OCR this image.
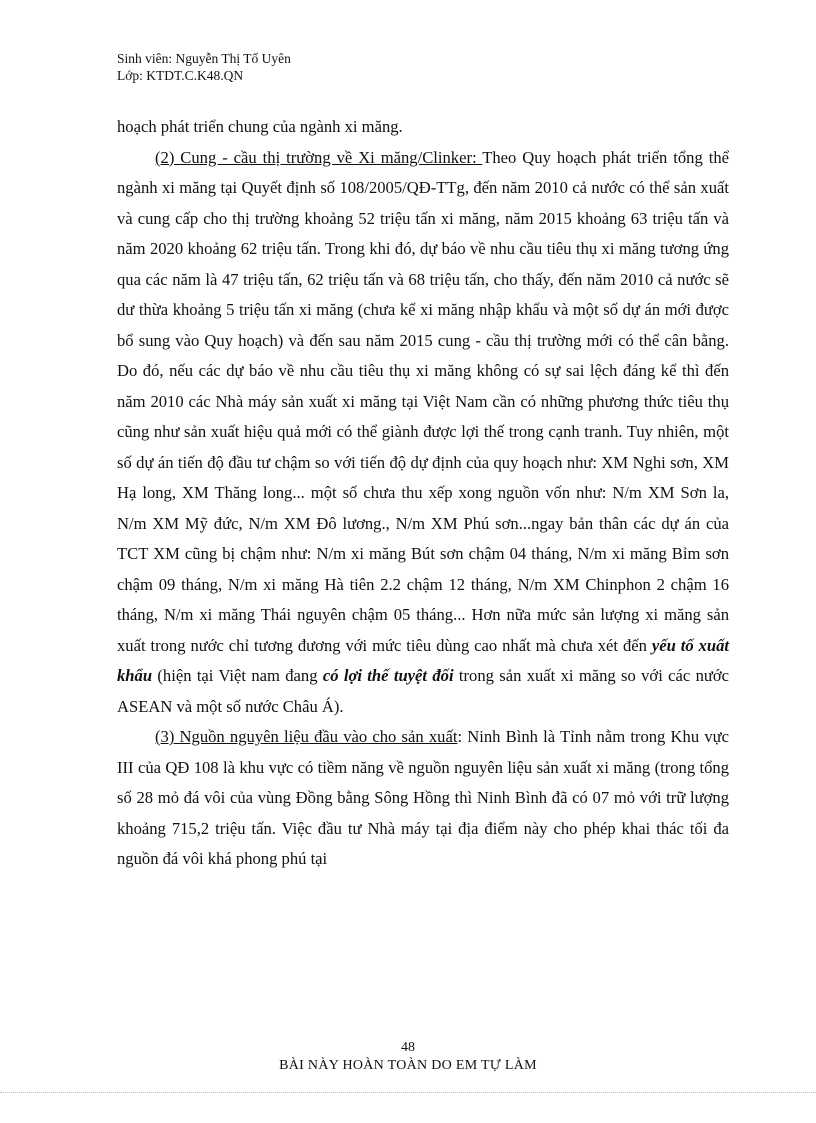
Sinh viên: Nguyễn Thị Tố Uyên
Lớp: KTDT.C.K48.QN

hoạch phát triển chung của ngành xi măng.

(2) Cung - cầu thị trường về Xi măng/Clinker: Theo Quy hoạch phát triển tổng thể ngành xi măng tại Quyết định số 108/2005/QĐ-TTg, đến năm 2010 cả nước có thể sản xuất và cung cấp cho thị trường khoảng 52 triệu tấn xi măng, năm 2015 khoảng 63 triệu tấn và năm 2020 khoảng 62 triệu tấn. Trong khi đó, dự báo về nhu cầu tiêu thụ xi măng tương ứng qua các năm là 47 triệu tấn, 62 triệu tấn và 68 triệu tấn, cho thấy, đến năm 2010 cả nước sẽ dư thừa khoảng 5 triệu tấn xi măng (chưa kể xi măng nhập khẩu và một số dự án mới được bổ sung vào Quy hoạch) và đến sau năm 2015 cung - cầu thị trường mới có thể cân bằng. Do đó, nếu các dự báo về nhu cầu tiêu thụ xi măng không có sự sai lệch đáng kể thì đến năm 2010 các Nhà máy sản xuất xi măng tại Việt Nam cần có những phương thức tiêu thụ cũng như sản xuất hiệu quả mới có thể giành được lợi thế trong cạnh tranh. Tuy nhiên, một số dự án tiến độ đầu tư chậm so với tiến độ dự định của quy hoạch như: XM Nghi sơn, XM Hạ long, XM Thăng long... một số chưa thu xếp xong nguồn vốn như: N/m XM Sơn la, N/m XM Mỹ đức, N/m XM Đô lương., N/m XM Phú sơn...ngay bản thân các dự án của TCT XM cũng bị chậm như: N/m xi măng Bút sơn chậm 04 tháng, N/m xi măng Bỉm sơn chậm 09 tháng, N/m xi măng Hà tiên 2.2 chậm 12 tháng, N/m XM Chinphon 2 chậm 16 tháng, N/m xi măng Thái nguyên chậm 05 tháng... Hơn nữa mức sản lượng xi măng sản xuất trong nước chỉ tương đương với mức tiêu dùng cao nhất mà chưa xét đến yếu tố xuất khẩu (hiện tại Việt nam đang có lợi thế tuyệt đối trong sản xuất xi măng so với các nước ASEAN và một số nước Châu Á).

(3) Nguồn nguyên liệu đầu vào cho sản xuất: Ninh Bình là Tỉnh nằm trong Khu vực III của QĐ 108 là khu vực có tiềm năng về nguồn nguyên liệu sản xuất xi măng (trong tổng số 28 mỏ đá vôi của vùng Đồng bằng Sông Hồng thì Ninh Bình đã có 07 mỏ với trữ lượng khoảng 715,2 triệu tấn. Việc đầu tư Nhà máy tại địa điểm này cho phép khai thác tối đa nguồn đá vôi khá phong phú tại

48
BÀI NÀY HOÀN TOÀN DO EM TỰ LÀM
